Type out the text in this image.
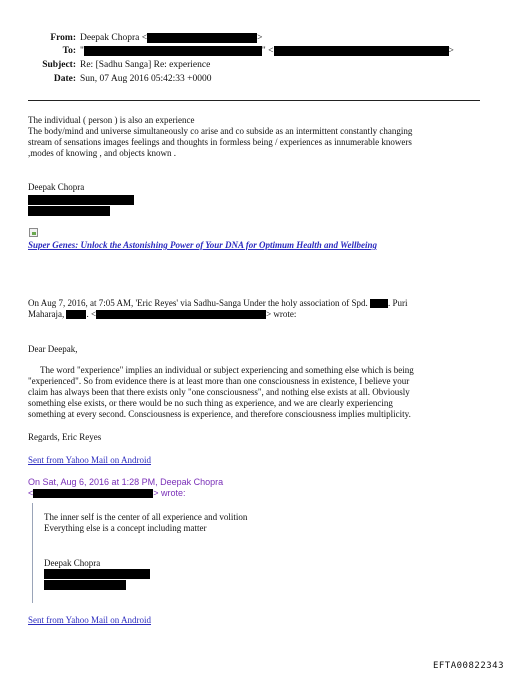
From: Deepak Chopra <	>
To: "	" <	>
Subject: Re: [Sadhu Sanga] Re: experience
Date: Sun, 07 Aug 2016 05:42:33 +0000
The individual ( person ) is also an experience
The body/mind and universe simultaneously co arise and co subside as an intermittent constantly changing
stream of sensations images feelings and thoughts in formless being / experiences as innumerable knowers
,modes of knowing , and objects known .
Deepak Chopra
Super Genes: Unlock the Astonishing Power of Your DNA for Optimum Health and Wellbeing
On Aug 7, 2016, at 7:05 AM, 'Eric Reyes' via Sadhu-Sanga Under the holy association of Spd. . Puri
Maharaja, . <	> wrote:
Dear Deepak,
The word "experience" implies an individual or subject experiencing and something else which is being
"experienced". So from evidence there is at least more than one consciousness in existence, I believe your
claim has always been that there exists only "one consciousness", and nothing else exists at all. Obviously
something else exists, or there would be no such thing as experience, and we are clearly experiencing
something at every second. Consciousness is experience, and therefore consciousness implies multiplicity.
Regards, Eric Reyes
Sent from Yahoo Mail on Android
On Sat, Aug 6, 2016 at 1:28 PM, Deepak Chopra
<	> wrote:
The inner self is the center of all experience and volition
Everything else is a concept including matter
Deepak Chopra
Sent from Yahoo Mail on Android
EFTA00822343
